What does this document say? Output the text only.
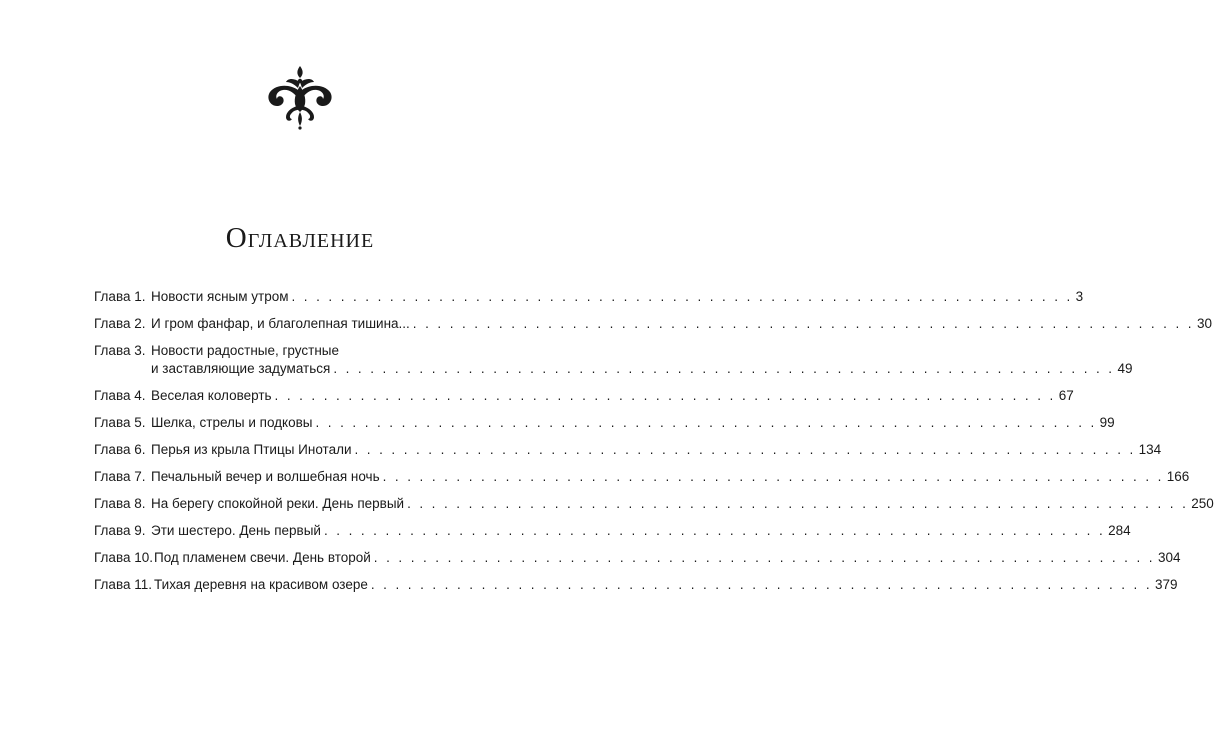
Оглавление
Глава 1. Новости ясным утром . . .	3
Глава 2. И гром фанфар, и благолепная тишина... . . .	30
Глава 3. Новости радостные, грустные
и заставляющие задуматься . . .	49
Глава 4. Веселая коловерть . . .	67
Глава 5. Шелка, стрелы и подковы . . .	99
Глава 6. Перья из крыла Птицы Инотали . . .	134
Глава 7. Печальный вечер и волшебная ночь . . .	166
Глава 8. На берегу спокойной реки. День первый . . .	250
Глава 9. Эти шестеро. День первый . . .	284
Глава 10. Под пламенем свечи. День второй . . .	304
Глава 11. Тихая деревня на красивом озере . . .	379
